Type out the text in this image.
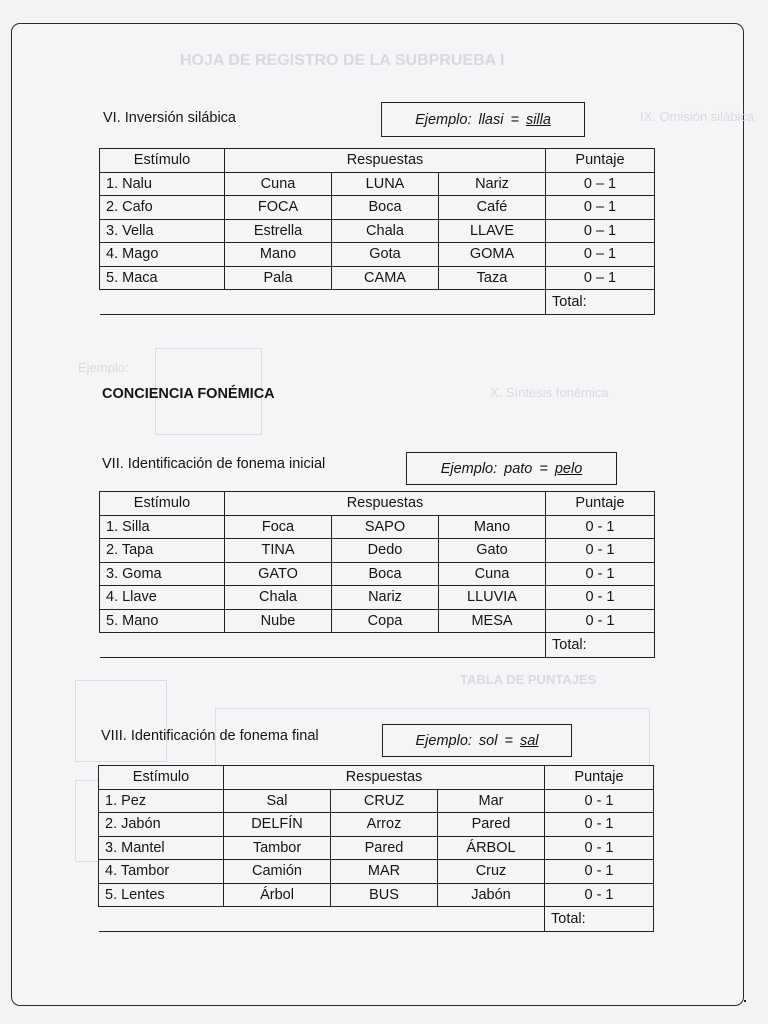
HOJA DE REGISTRO DE LA SUBPRUEBA I
IX. Omisión silábica
Ejemplo:
X. Síntesis fonémica
TABLA DE PUNTAJES
VI. Inversión silábica	Ejemplo: llasi = silla
Estímulo	Respuestas			Puntaje
1. Nalu	Cuna	LUNA	Nariz	0 – 1
2. Cafo	FOCA	Boca	Café	0 – 1
3. Vella	Estrella	Chala	LLAVE	0 – 1
4. Mago	Mano	Gota	GOMA	0 – 1
5. Maca	Pala	CAMA	Taza	0 – 1
				Total:
CONCIENCIA FONÉMICA
VII. Identificación de fonema inicial	Ejemplo: pato = pelo
Estímulo	Respuestas			Puntaje
1. Silla	Foca	SAPO	Mano	0 - 1
2. Tapa	TINA	Dedo	Gato	0 - 1
3. Goma	GATO	Boca	Cuna	0 - 1
4. Llave	Chala	Nariz	LLUVIA	0 - 1
5. Mano	Nube	Copa	MESA	0 - 1
				Total:
VIII. Identificación de fonema final	Ejemplo: sol = sal
Estímulo	Respuestas			Puntaje
1. Pez	Sal	CRUZ	Mar	0 - 1
2. Jabón	DELFÍN	Arroz	Pared	0 - 1
3. Mantel	Tambor	Pared	ÁRBOL	0 - 1
4. Tambor	Camión	MAR	Cruz	0 - 1
5. Lentes	Árbol	BUS	Jabón	0 - 1
				Total:
